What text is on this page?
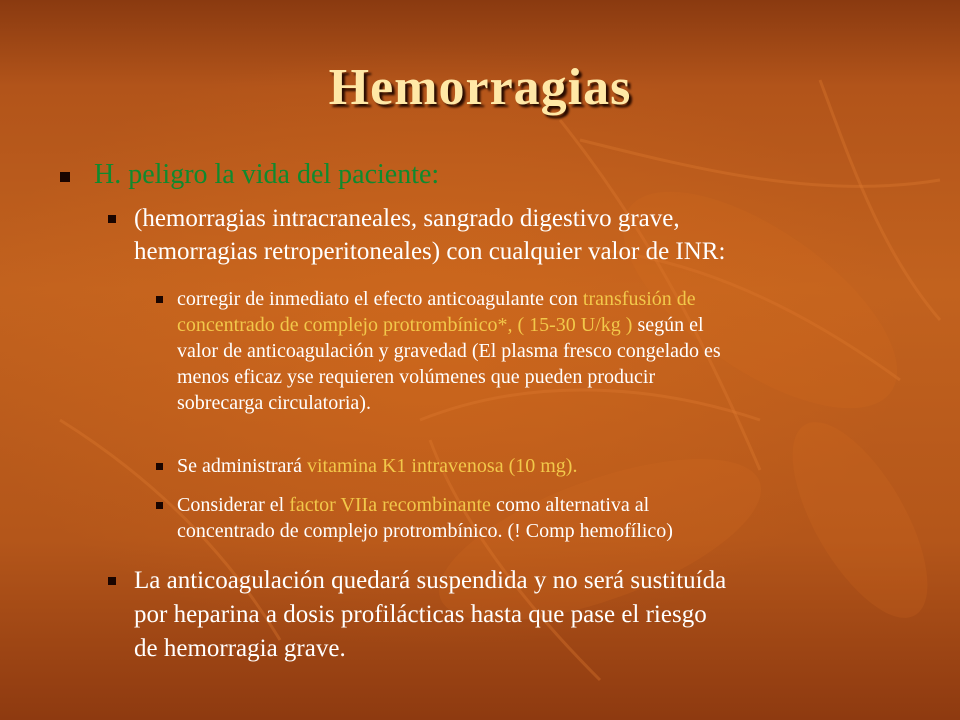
Hemorragias
H. peligro la vida del paciente:
(hemorragias intracraneales, sangrado digestivo grave,
hemorragias retroperitoneales) con cualquier valor de INR:
corregir de inmediato el efecto anticoagulante con transfusión de
concentrado de complejo protrombínico*, ( 15-30 U/kg ) según el
valor de anticoagulación y gravedad (El plasma fresco congelado es
menos eficaz yse requieren volúmenes que pueden producir
sobrecarga circulatoria).
Se administrará vitamina K1 intravenosa (10 mg).
Considerar el factor VIIa recombinante como alternativa al
concentrado de complejo protrombínico. (! Comp hemofílico)
La anticoagulación quedará suspendida y no será sustituída
por heparina a dosis profilácticas hasta que pase el riesgo
de hemorragia grave.
